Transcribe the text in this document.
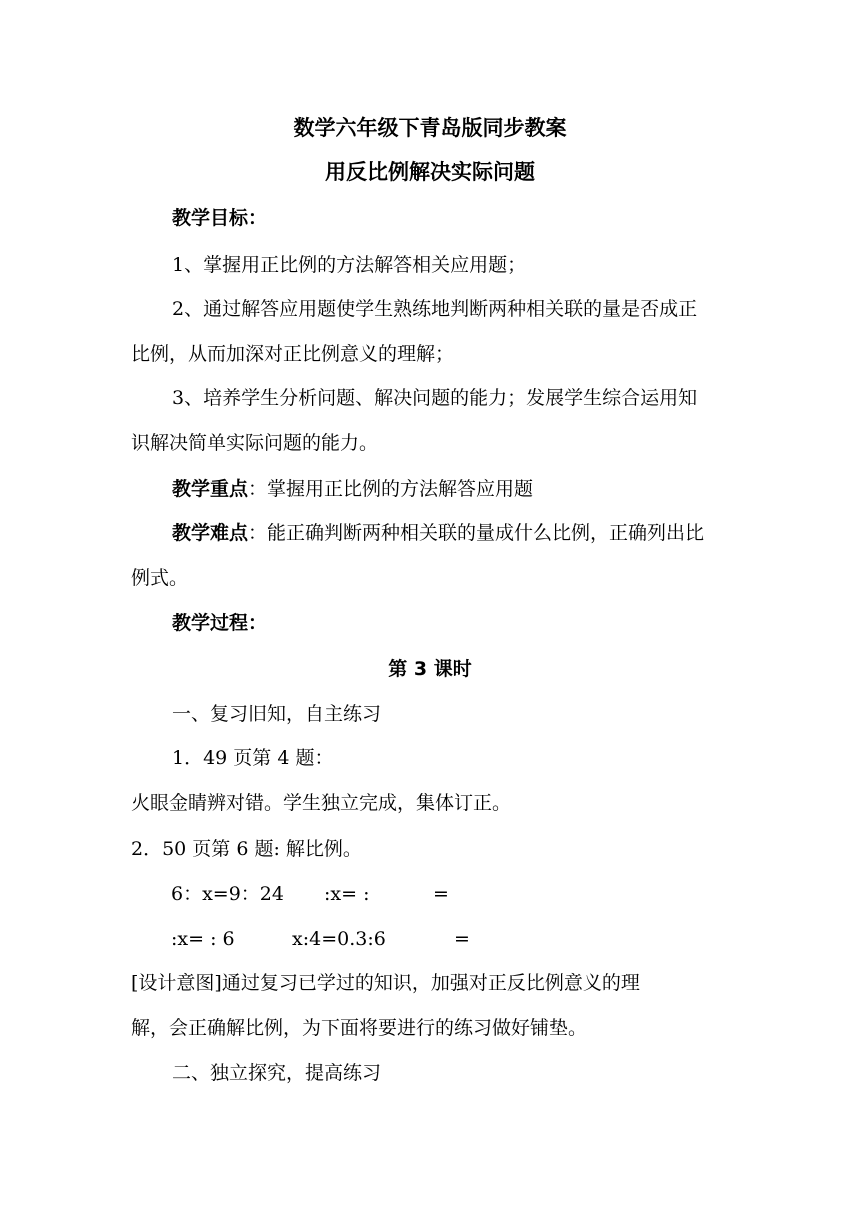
数学六年级下青岛版同步教案
用反比例解决实际问题
教学目标：
1、掌握用正比例的方法解答相关应用题；
2、通过解答应用题使学生熟练地判断两种相关联的量是否成正
比例，从而加深对正比例意义的理解；
3、培养学生分析问题、解决问题的能力；发展学生综合运用知
识解决简单实际问题的能力。
教学重点：掌握用正比例的方法解答应用题
教学难点：能正确判断两种相关联的量成什么比例，正确列出比
例式。
教学过程：
第 3 课时
一、复习旧知，自主练习
1．49 页第 4 题：
火眼金睛辨对错。学生独立完成，集体订正。
2．50 页第 6 题: 解比例。
6：x=9：24 :x= :	=
:x= : 6	x:4=0.3:6	=
[设计意图]通过复习已学过的知识，加强对正反比例意义的理
解，会正确解比例，为下面将要进行的练习做好铺垫。
二、独立探究，提高练习
